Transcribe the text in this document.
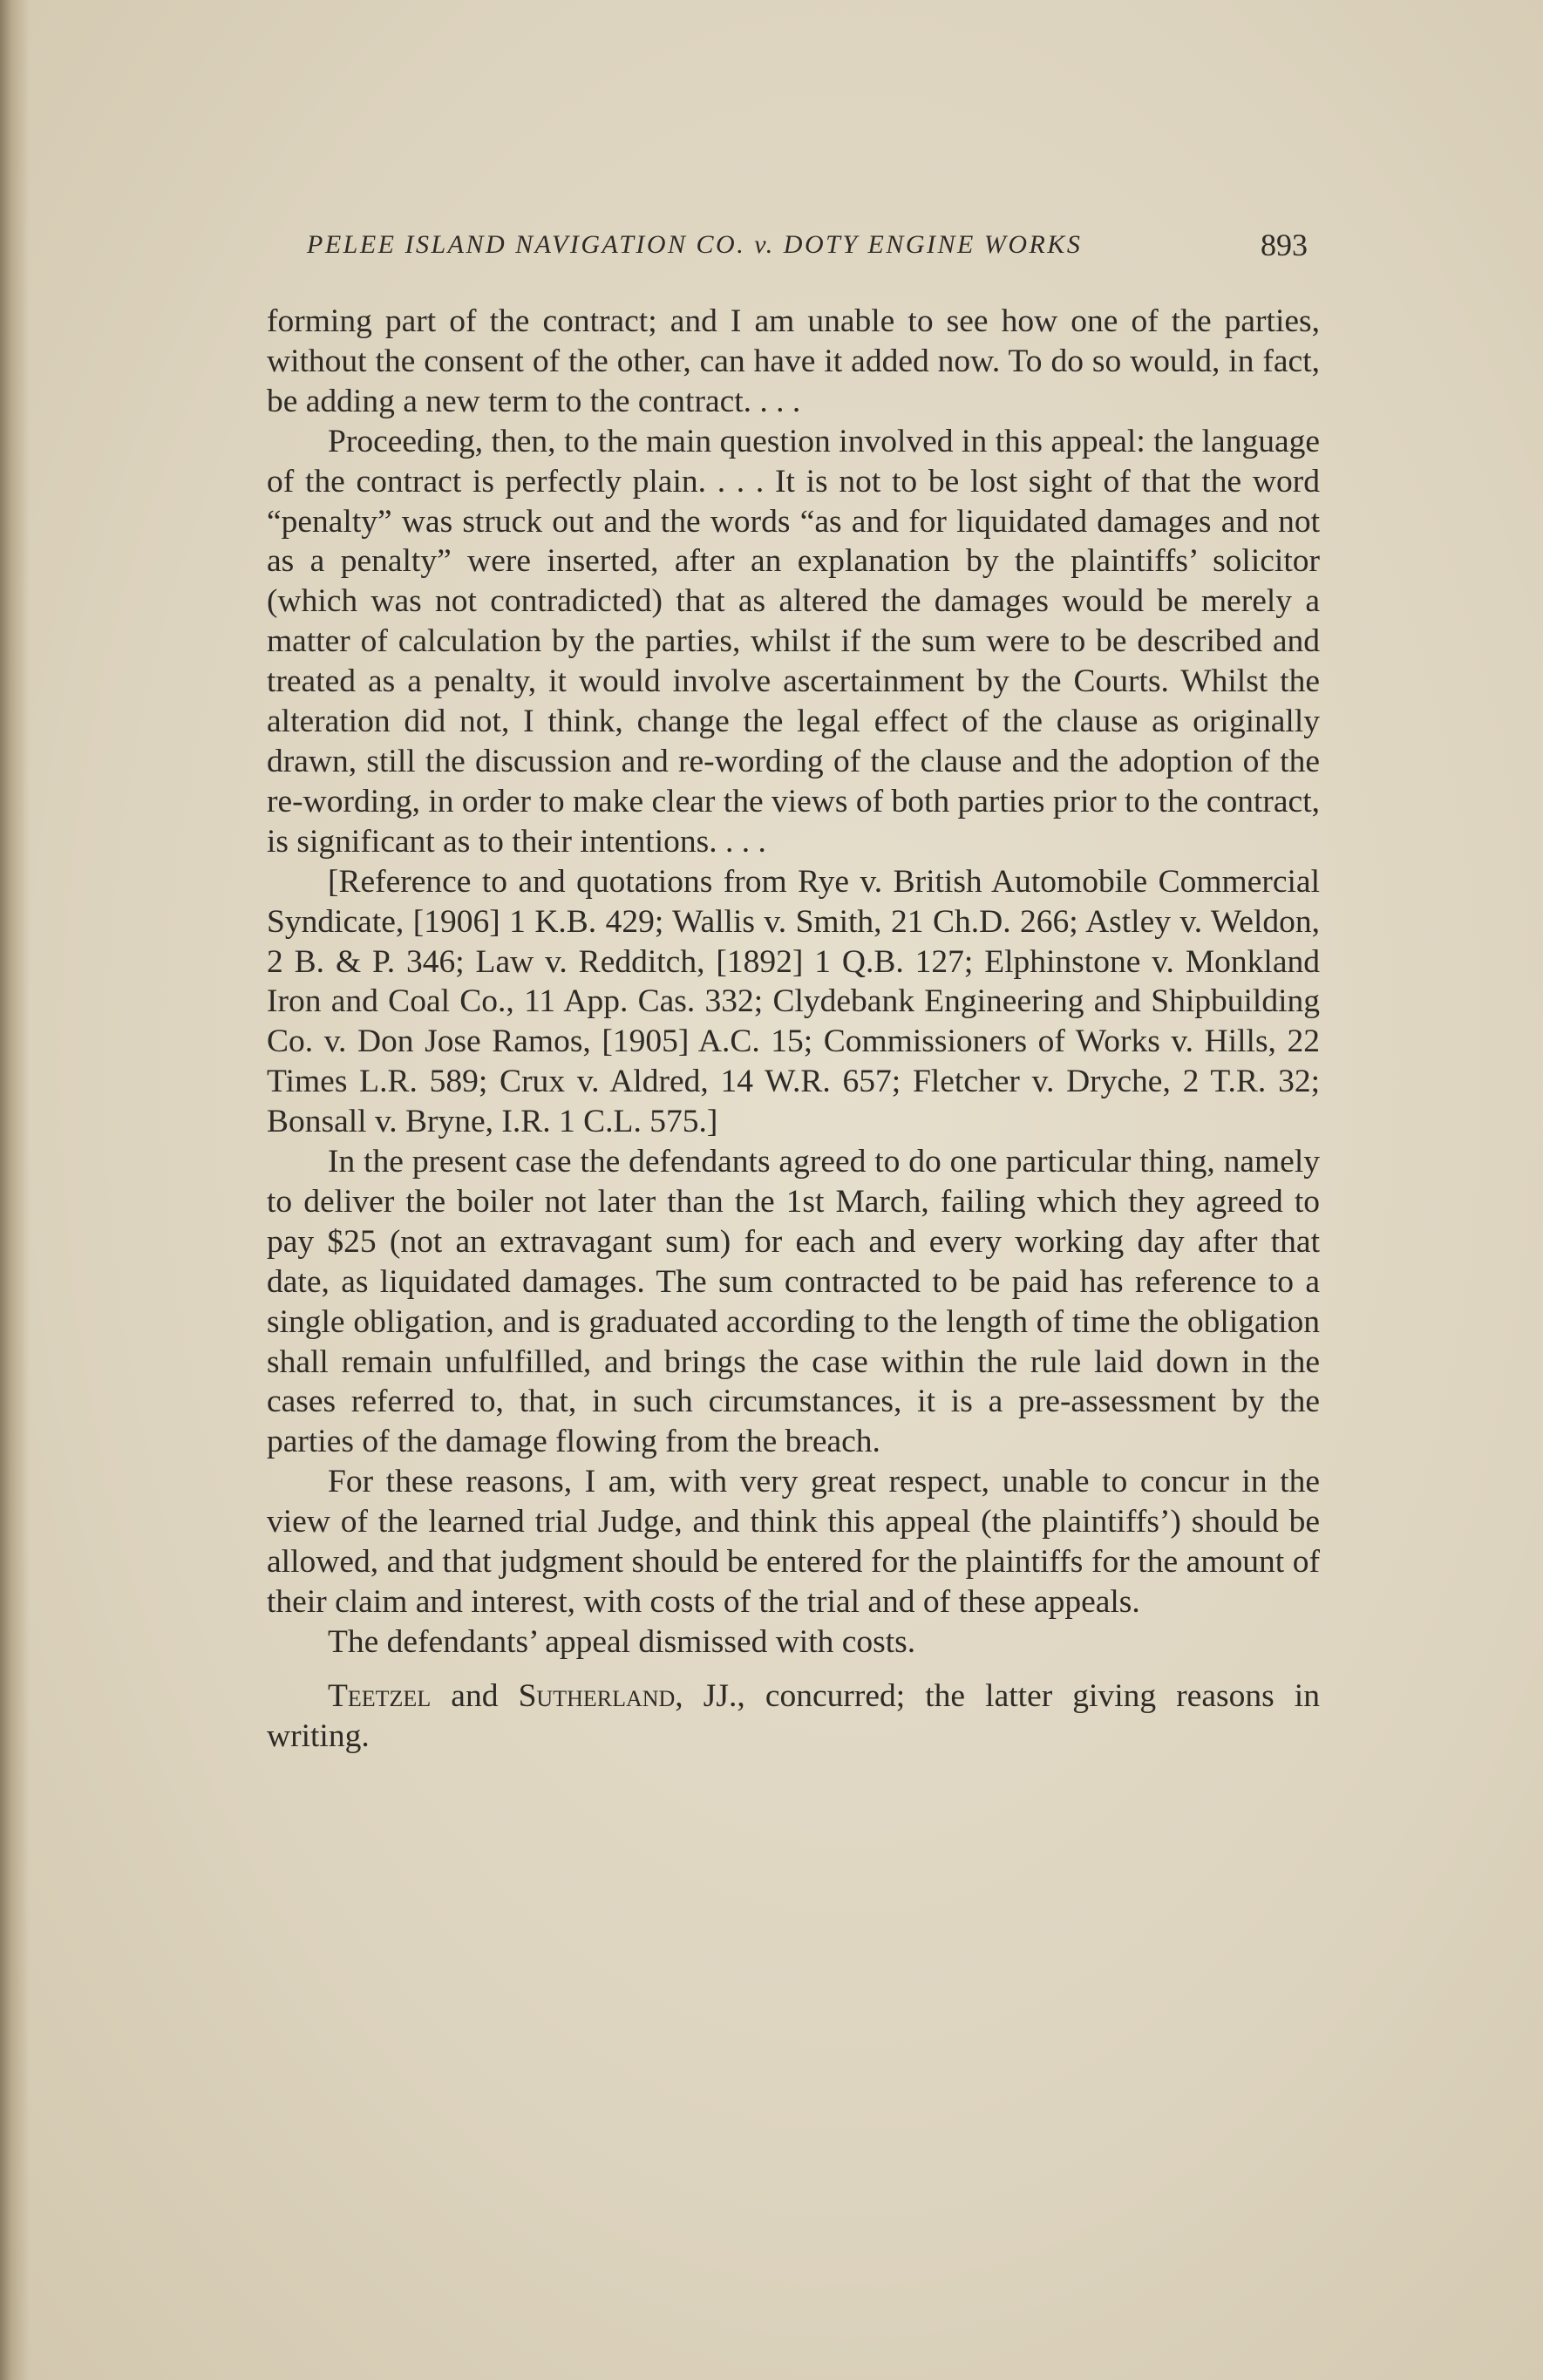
PELEE ISLAND NAVIGATION CO. v. DOTY ENGINE WORKS	893

forming part of the contract; and I am unable to see how one of the parties, without the consent of the other, can have it added now. To do so would, in fact, be adding a new term to the contract. . . .

Proceeding, then, to the main question involved in this appeal: the language of the contract is perfectly plain. . . . It is not to be lost sight of that the word “penalty” was struck out and the words “as and for liquidated damages and not as a penalty” were inserted, after an explanation by the plaintiffs’ solicitor (which was not contradicted) that as altered the damages would be merely a matter of calculation by the parties, whilst if the sum were to be described and treated as a penalty, it would involve ascertainment by the Courts. Whilst the alteration did not, I think, change the legal effect of the clause as originally drawn, still the discussion and re-wording of the clause and the adoption of the re-wording, in order to make clear the views of both parties prior to the contract, is significant as to their intentions. . . .

[Reference to and quotations from Rye v. British Automobile Commercial Syndicate, [1906] 1 K.B. 429; Wallis v. Smith, 21 Ch.D. 266; Astley v. Weldon, 2 B. & P. 346; Law v. Redditch, [1892] 1 Q.B. 127; Elphinstone v. Monkland Iron and Coal Co., 11 App. Cas. 332; Clydebank Engineering and Shipbuilding Co. v. Don Jose Ramos, [1905] A.C. 15; Commissioners of Works v. Hills, 22 Times L.R. 589; Crux v. Aldred, 14 W.R. 657; Fletcher v. Dryche, 2 T.R. 32; Bonsall v. Bryne, I.R. 1 C.L. 575.]

In the present case the defendants agreed to do one particular thing, namely to deliver the boiler not later than the 1st March, failing which they agreed to pay $25 (not an extravagant sum) for each and every working day after that date, as liquidated damages. The sum contracted to be paid has reference to a single obligation, and is graduated according to the length of time the obligation shall remain unfulfilled, and brings the case within the rule laid down in the cases referred to, that, in such circumstances, it is a pre-assessment by the parties of the damage flowing from the breach.

For these reasons, I am, with very great respect, unable to concur in the view of the learned trial Judge, and think this appeal (the plaintiffs’) should be allowed, and that judgment should be entered for the plaintiffs for the amount of their claim and interest, with costs of the trial and of these appeals.

The defendants’ appeal dismissed with costs.

Teetzel and Sutherland, JJ., concurred; the latter giving reasons in writing.
